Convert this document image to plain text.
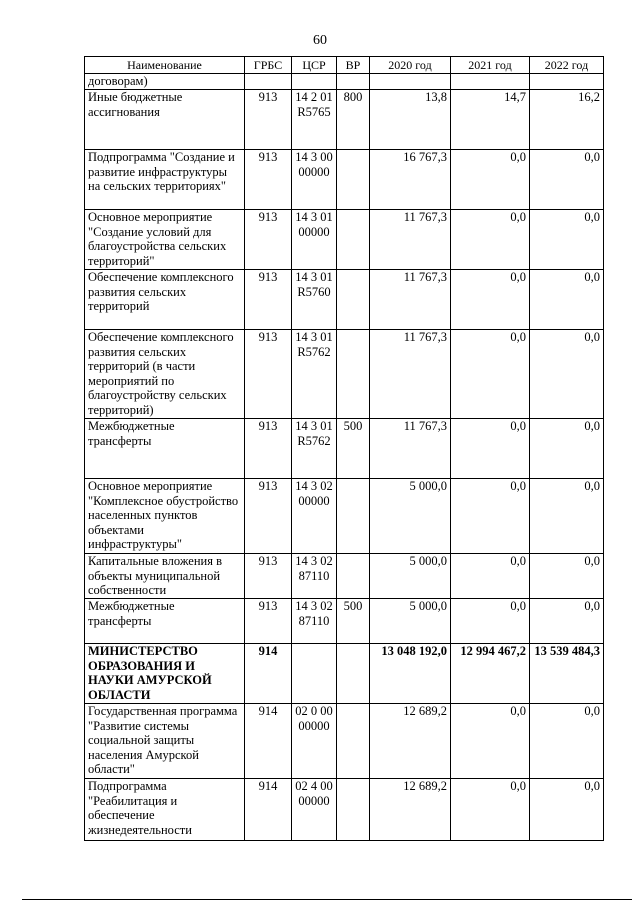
60
Наименование	ГРБС	ЦСР	ВР	2020 год	2021 год	2022 год
договорам)						
Иные бюджетные ассигнования	913	14 2 01 R5765	800	13,8	14,7	16,2
Подпрограмма "Создание и развитие инфраструктуры на сельских территориях"	913	14 3 00 00000		16 767,3	0,0	0,0
Основное мероприятие "Создание условий для благоустройства сельских территорий"	913	14 3 01 00000		11 767,3	0,0	0,0
Обеспечение комплексного развития сельских территорий	913	14 3 01 R5760		11 767,3	0,0	0,0
Обеспечение комплексного развития сельских территорий (в части мероприятий по благоустройству сельских территорий)	913	14 3 01 R5762		11 767,3	0,0	0,0
Межбюджетные трансферты	913	14 3 01 R5762	500	11 767,3	0,0	0,0
Основное мероприятие "Комплексное обустройство населенных пунктов объектами инфраструктуры"	913	14 3 02 00000		5 000,0	0,0	0,0
Капитальные вложения в объекты муниципальной собственности	913	14 3 02 87110		5 000,0	0,0	0,0
Межбюджетные трансферты	913	14 3 02 87110	500	5 000,0	0,0	0,0
МИНИСТЕРСТВО ОБРАЗОВАНИЯ И НАУКИ АМУРСКОЙ ОБЛАСТИ	914			13 048 192,0	12 994 467,2	13 539 484,3
Государственная программа "Развитие системы социальной защиты населения Амурской области"	914	02 0 00 00000		12 689,2	0,0	0,0
Подпрограмма "Реабилитация и обеспечение жизнедеятельности	914	02 4 00 00000		12 689,2	0,0	0,0
